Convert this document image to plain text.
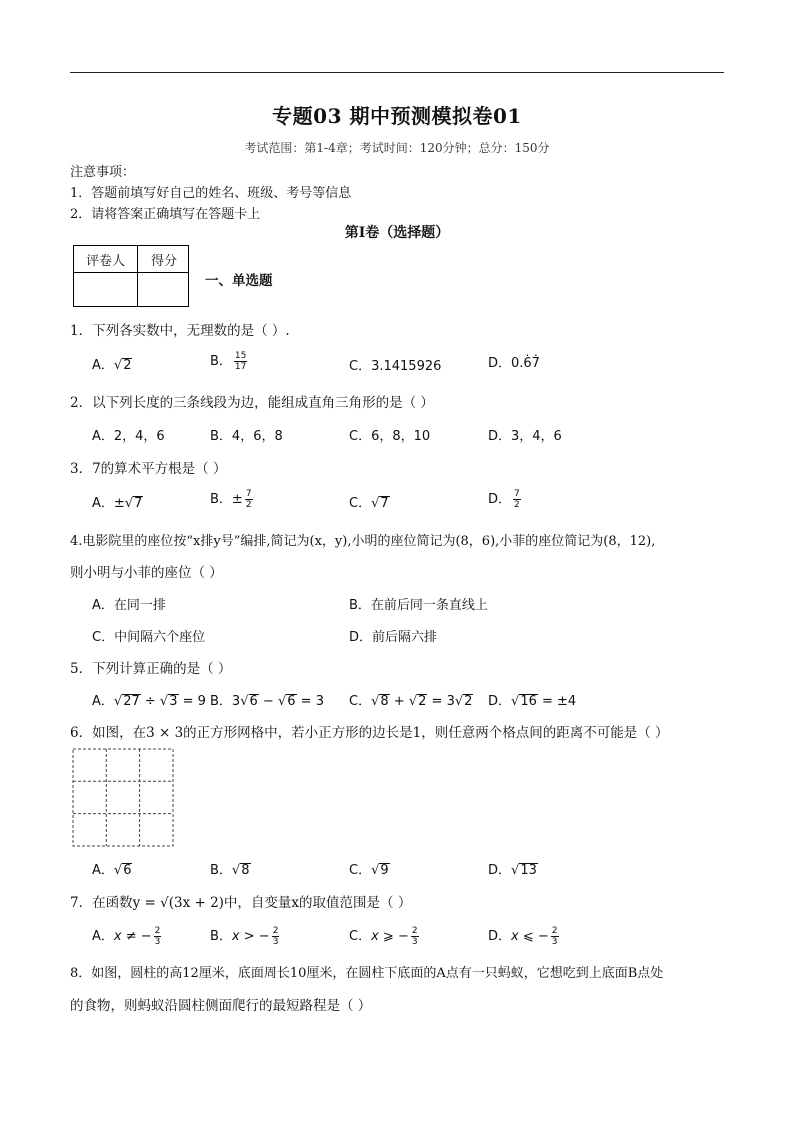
专题03 期中预测模拟卷01
考试范围：第1-4章；考试时间：120分钟；总分：150分
注意事项：
1．答题前填写好自己的姓名、班级、考号等信息
2．请将答案正确填写在答题卡上
第I卷（选择题）
评卷人	得分
一、单选题
1．下列各实数中，无理数的是（ ）.
A．√2	B． $\frac{15}{17}$	C．3.1415926	D．0.6̇7̇
2．以下列长度的三条线段为边，能组成直角三角形的是（ ）
A．2，4，6	B．4，6，8	C．6，8，10	D．3，4，6
3．7的算术平方根是（ ）
A．±√7	B．± $\frac{7}{2}$	C．√7	D． $\frac{7}{2}$
4.电影院里的座位按“x排y号”编排,简记为(x，y),小明的座位简记为(8，6),小菲的座位简记为(8，12),
则小明与小菲的座位（ ）
A．在同一排	B．在前后同一条直线上
C．中间隔六个座位	D．前后隔六排
5．下列计算正确的是（ ）
A．√27 ÷ √3 = 9 B．3√6 − √6 = 3 C．√8 + √2 = 3√2 D．√16 = ±4
6．如图，在3 × 3的正方形网格中，若小正方形的边长是1，则任意两个格点间的距离不可能是（ ）
A．√6	B．√8	C．√9	D．√13
7．在函数y = √(3x + 2)中，自变量x的取值范围是（ ）
A．x ≠ − $\frac{2}{3}$	B．x > − $\frac{2}{3}$	C．x ⩾ − $\frac{2}{3}$	D．x ⩽ − $\frac{2}{3}$
8．如图，圆柱的高12厘米，底面周长10厘米，在圆柱下底面的A点有一只蚂蚁，它想吃到上底面B点处
的食物，则蚂蚁沿圆柱侧面爬行的最短路程是（ ）
